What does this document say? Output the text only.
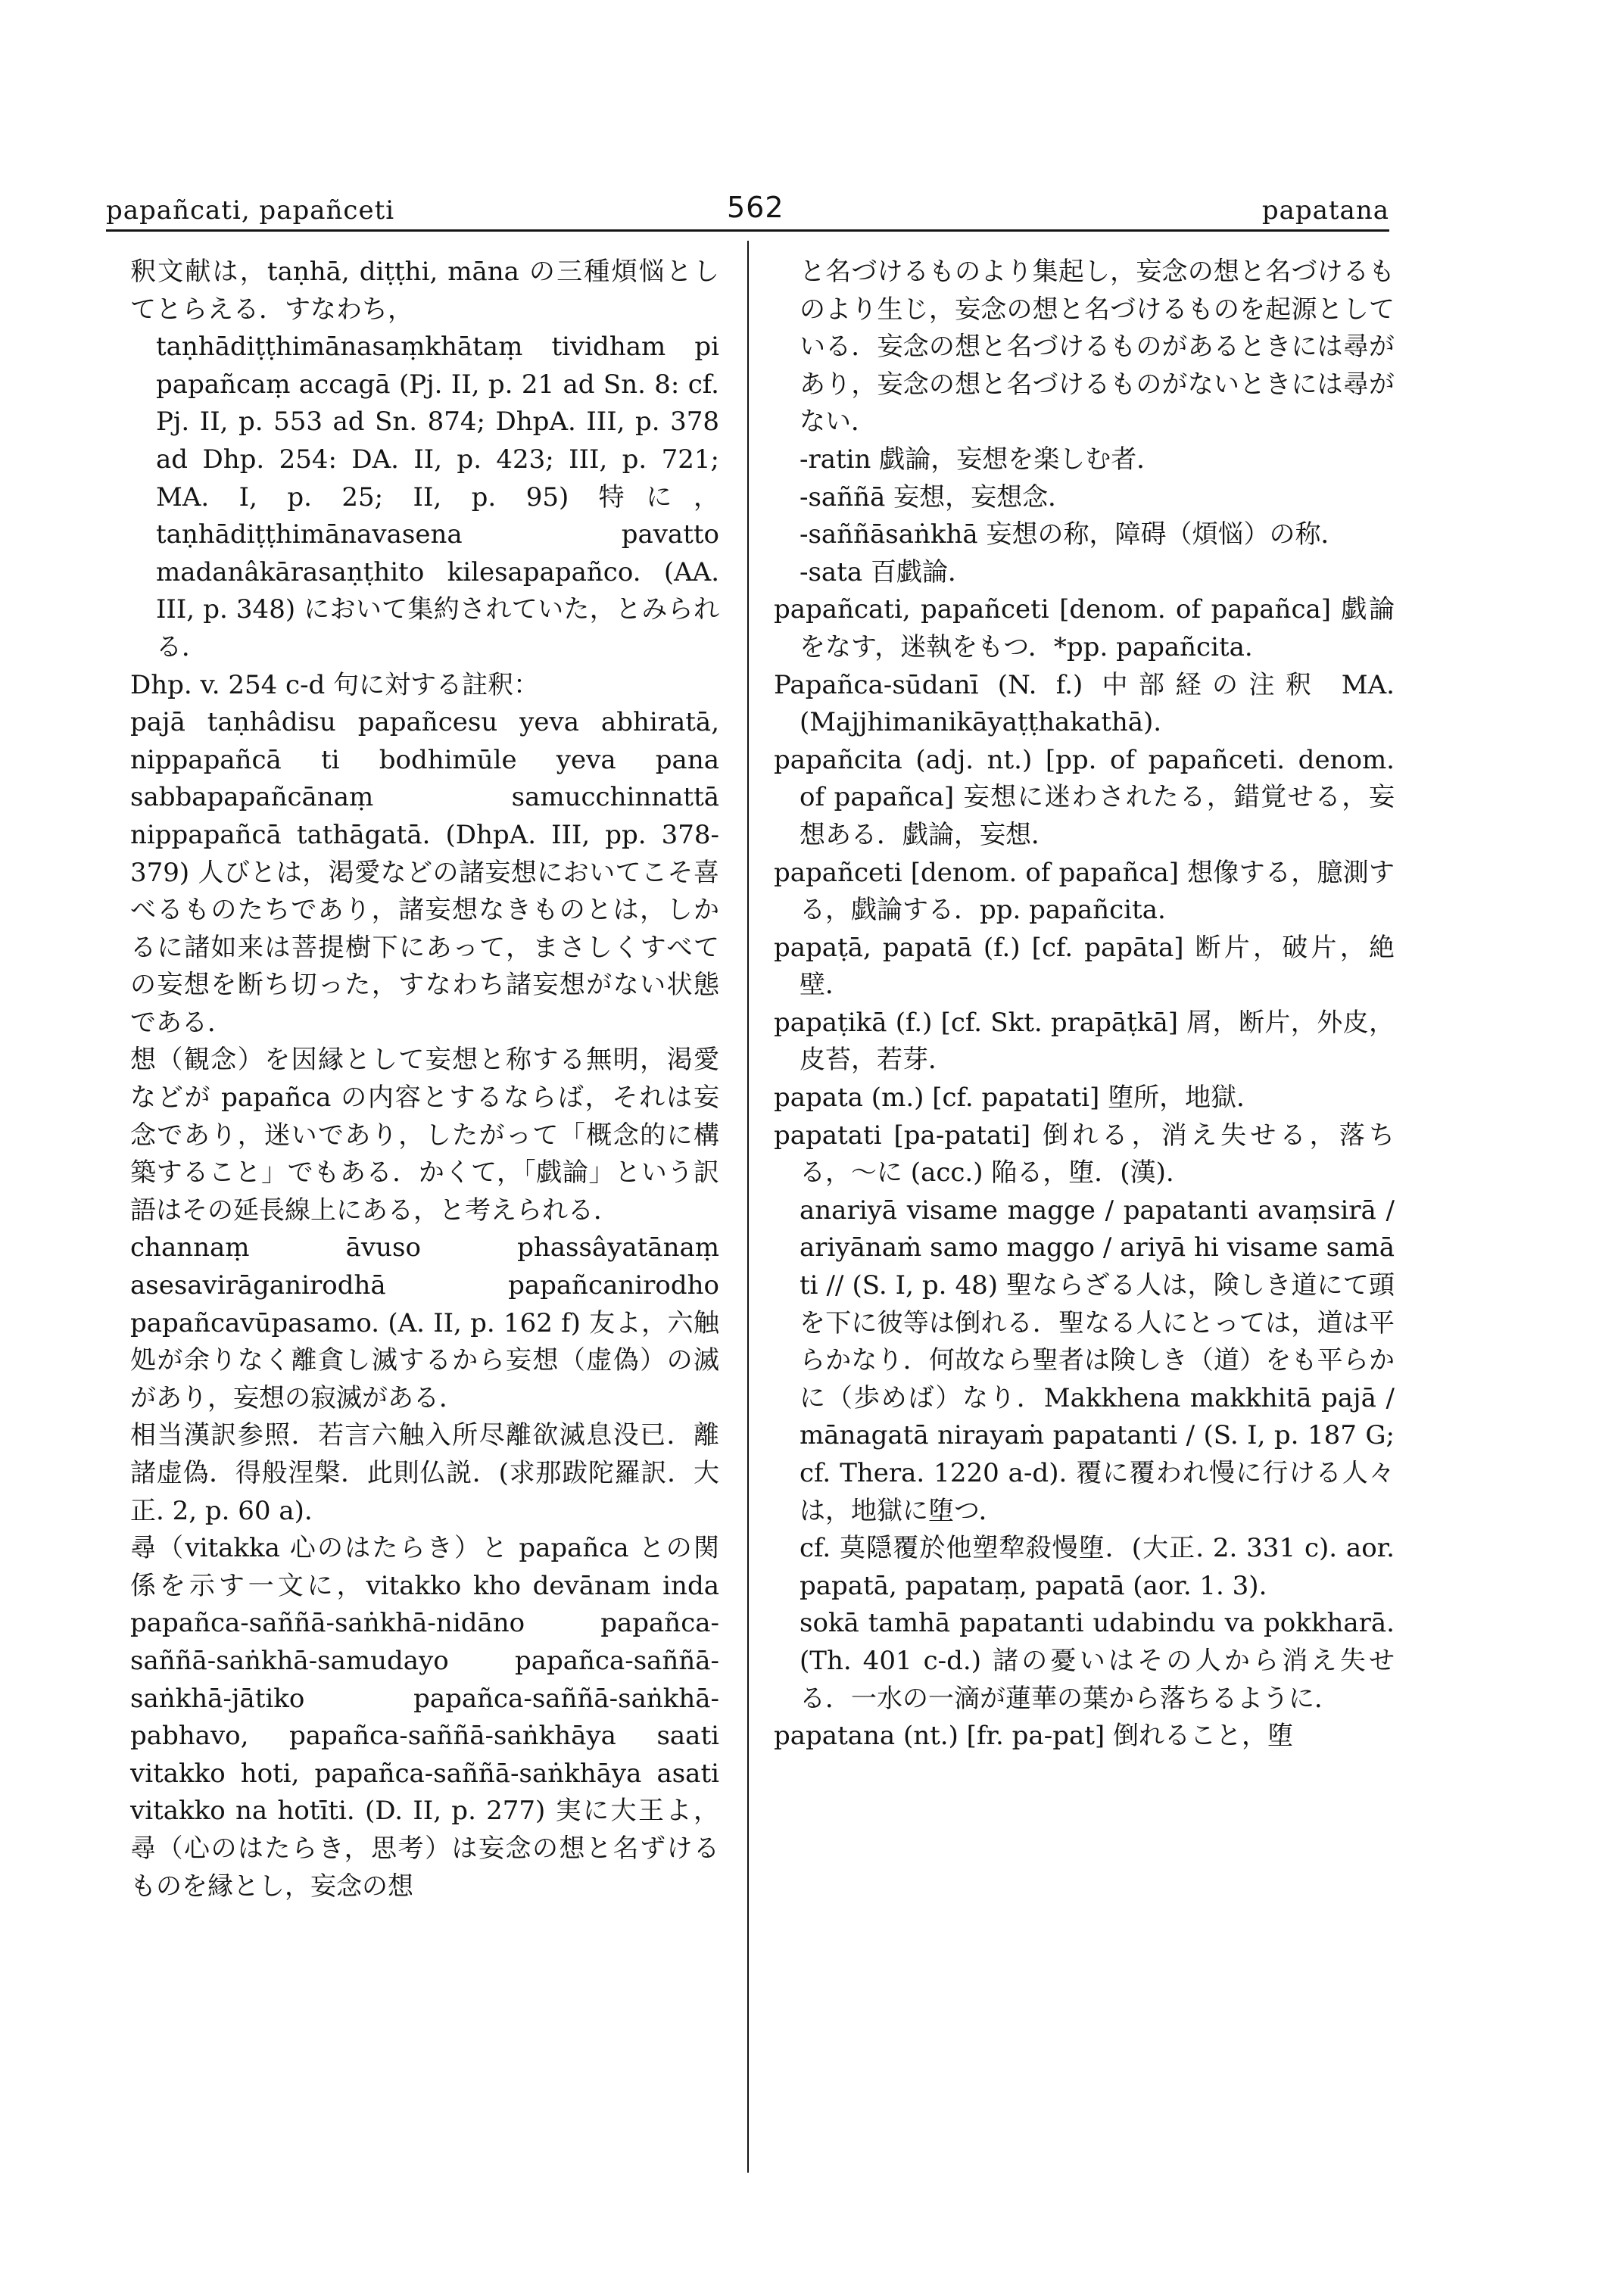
papañcati, papañceti	562	papatana

釈文献は，taṇhā, diṭṭhi, māna の三種煩悩としてとらえる．すなわち，

taṇhādiṭṭhimānasaṃkhātaṃ tividham pi papañcaṃ accagā (Pj. II, p. 21 ad Sn. 8: cf. Pj. II, p. 553 ad Sn. 874; DhpA. III, p. 378 ad Dhp. 254: DA. II, p. 423; III, p. 721; MA. I, p. 25; II, p. 95) 特に，taṇhādiṭṭhimānavasena pavatto madanâkārasaṇṭhito kilesapapañco. (AA. III, p. 348) において集約されていた，とみられる．

Dhp. v. 254 c-d 句に対する註釈：

pajā taṇhâdisu papañcesu yeva abhiratā, nippapañcā ti bodhimūle yeva pana sabbapapañcānaṃ samucchinnattā nippapañcā tathāgatā. (DhpA. III, pp. 378-379) 人びとは，渇愛などの諸妄想においてこそ喜べるものたちであり，諸妄想なきものとは，しかるに諸如来は菩提樹下にあって，まさしくすべての妄想を断ち切った，すなわち諸妄想がない状態である．

想（観念）を因縁として妄想と称する無明，渇愛などが papañca の内容とするならば，それは妄念であり，迷いであり，したがって「概念的に構築すること」でもある．かくて，「戯論」という訳語はその延長線上にある，と考えられる．

channaṃ āvuso phassâyatānaṃ asesavirāganirodhā papañcanirodho papañcavūpasamo. (A. II, p. 162 f) 友よ，六触処が余りなく離貪し滅するから妄想（虚偽）の滅があり，妄想の寂滅がある．

相当漢訳参照．若言六触入所尽離欲滅息没已．離諸虚偽．得般涅槃．此則仏説．(求那跋陀羅訳．大正. 2, p. 60 a).

尋（vitakka 心のはたらき）と papañca との関係を示す一文に，vitakko kho devānam inda papañca-saññā-saṅkhā-nidāno papañca-saññā-saṅkhā-samudayo papañca-saññā-saṅkhā-jātiko papañca-saññā-saṅkhā-pabhavo, papañca-saññā-saṅkhāya saati vitakko hoti, papañca-saññā-saṅkhāya asati vitakko na hotīti. (D. II, p. 277) 実に大王よ，尋（心のはたらき，思考）は妄念の想と名ずけるものを縁とし，妄念の想

と名づけるものより集起し，妄念の想と名づけるものより生じ，妄念の想と名づけるものを起源としている．妄念の想と名づけるものがあるときには尋があり，妄念の想と名づけるものがないときには尋がない．

-ratin 戯論，妄想を楽しむ者．

-saññā 妄想，妄想念．

-saññāsaṅkhā 妄想の称，障碍（煩悩）の称．

-sata 百戯論．

papañcati, papañceti [denom. of papañca] 戯論をなす，迷執をもつ．*pp. papañcita.

Papañca-sūdanī (N. f.) 中部経の注釈 MA. (Majjhimanikāyaṭṭhakathā).

papañcita (adj. nt.) [pp. of papañceti. denom. of papañca] 妄想に迷わされたる，錯覚せる，妄想ある．戯論，妄想．

papañceti [denom. of papañca] 想像する，臆測する，戯論する．pp. papañcita.

papaṭā, papatā (f.) [cf. papāta] 断片，破片，絶壁．

papaṭikā (f.) [cf. Skt. prapāṭkā] 屑，断片，外皮，皮苔，若芽．

papata (m.) [cf. papatati] 堕所，地獄．

papatati [pa-patati] 倒れる，消え失せる，落ちる，〜に (acc.) 陥る，堕．(漢).

anariyā visame magge / papatanti avaṃsirā / ariyānaṁ samo maggo / ariyā hi visame samā ti // (S. I, p. 48) 聖ならざる人は，険しき道にて頭を下に彼等は倒れる．聖なる人にとっては，道は平らかなり．何故なら聖者は険しき（道）をも平らかに（歩めば）なり．Makkhena makkhitā pajā / mānagatā nirayaṁ papatanti / (S. I, p. 187 G; cf. Thera. 1220 a-d). 覆に覆われ慢に行ける人々は，地獄に堕つ．

cf. 莫隠覆於他塑犂殺慢堕．(大正. 2. 331 c). aor. papatā, papataṃ, papatā (aor. 1. 3).

sokā tamhā papatanti udabindu va pokkharā. (Th. 401 c-d.) 諸の憂いはその人から消え失せる．一水の一滴が蓮華の葉から落ちるように．

papatana (nt.) [fr. pa-pat] 倒れること，堕
